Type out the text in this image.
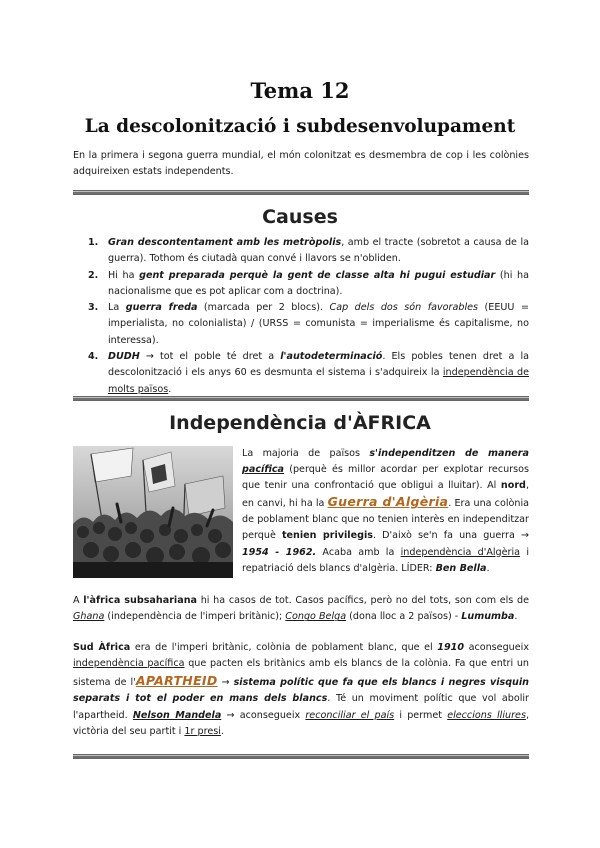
Tema 12
La descolonització i subdesenvolupament

En la primera i segona guerra mundial, el món colonitzat es desmembra de cop i les colònies adquireixen estats independents.

Causes
1. Gran descontentament amb les metròpolis, amb el tracte (sobretot a causa de la guerra). Tothom és ciutadà quan convé i llavors se n'obliden.
2. Hi ha gent preparada perquè la gent de classe alta hi pugui estudiar (hi ha nacionalisme que es pot aplicar com a doctrina).
3. La guerra freda (marcada per 2 blocs). Cap dels dos són favorables (EEUU = imperialista, no colonialista) / (URSS = comunista = imperialisme és capitalisme, no interessa).
4. DUDH → tot el poble té dret a l'autodeterminació. Els pobles tenen dret a la descolonització i els anys 60 es desmunta el sistema i s'adquireix la independència de molts països.
Independència d'ÀFRICA

La majoria de països s'independitzen de manera pacífica (perquè és millor acordar per explotar recursos que tenir una confrontació que obligui a lluitar). Al nord, en canvi, hi ha la Guerra d'Algèria. Era una colònia de poblament blanc que no tenien interès en independitzar perquè tenien privilegis. D'això se'n fa una guerra → 1954 - 1962. Acaba amb la independència d'Algèria i repatriació dels blancs d'algèria. LÍDER: Ben Bella.

A l'àfrica subsahariana hi ha casos de tot. Casos pacífics, però no del tots, son com els de Ghana (independència de l'imperi britànic); Congo Belga (dona lloc a 2 països) - Lumumba.

Sud Àfrica era de l'imperi britànic, colònia de poblament blanc, que el 1910 aconsegueix independència pacífica que pacten els britànics amb els blancs de la colònia. Fa que entri un sistema de l'APARTHEID → sistema polític que fa que els blancs i negres visquin separats i tot el poder en mans dels blancs. Té un moviment polític que vol abolir l'apartheid. Nelson Mandela → aconsegueix reconciliar el país i permet eleccions lliures, victòria del seu partit i 1r presi.
